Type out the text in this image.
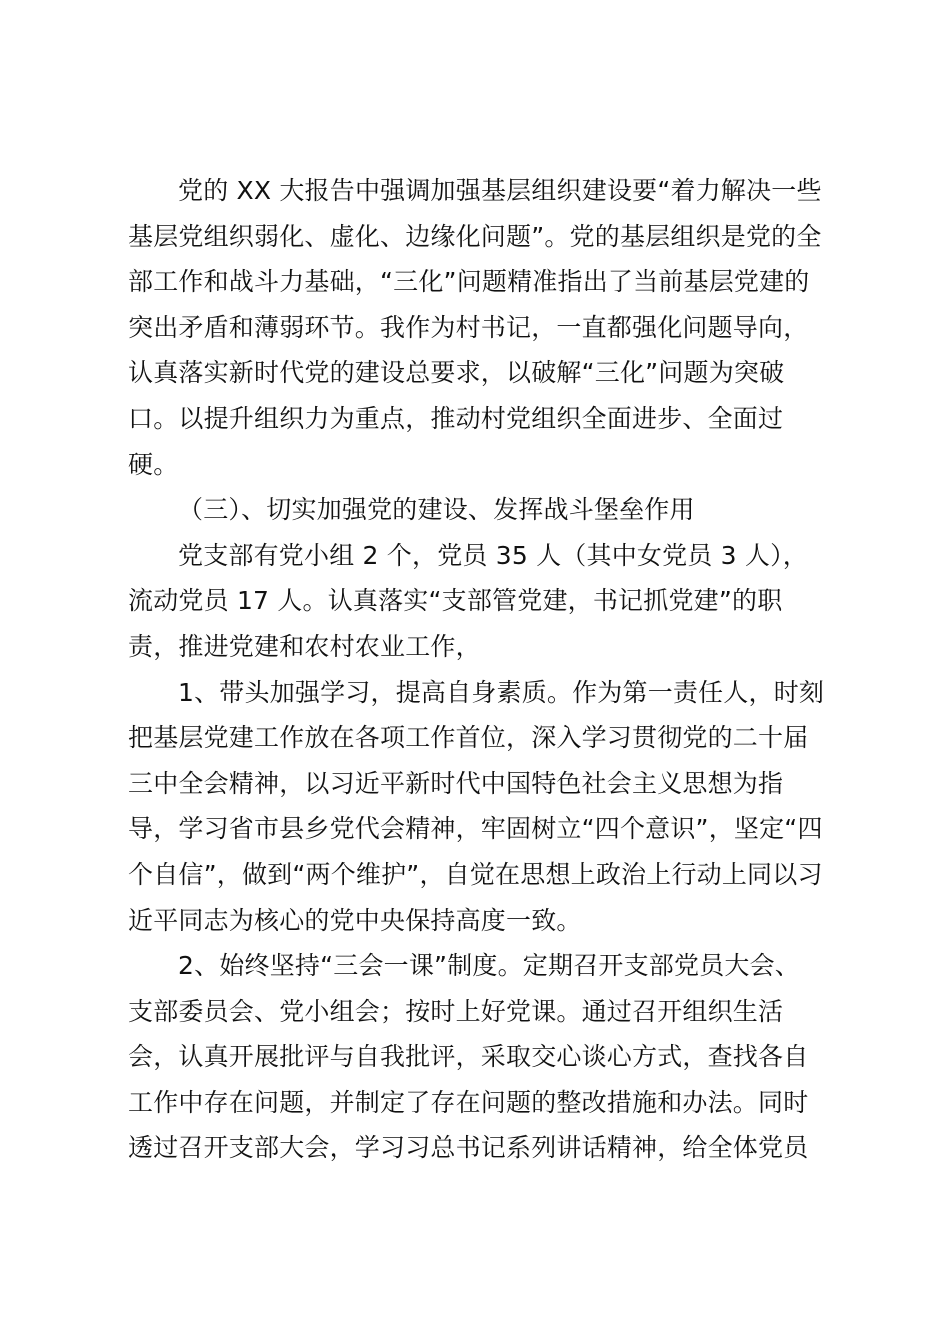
党的 XX 大报告中强调加强基层组织建设要“着力解决一些
基层党组织弱化、虚化、边缘化问题”。党的基层组织是党的全
部工作和战斗力基础，“三化”问题精准指出了当前基层党建的
突出矛盾和薄弱环节。我作为村书记，一直都强化问题导向，
认真落实新时代党的建设总要求，以破解“三化”问题为突破
口。以提升组织力为重点，推动村党组织全面进步、全面过
硬。
（三）、切实加强党的建设、发挥战斗堡垒作用
党支部有党小组 2 个，党员 35 人（其中女党员 3 人），
流动党员 17 人。认真落实“支部管党建，书记抓党建”的职
责，推进党建和农村农业工作，
1、带头加强学习，提高自身素质。作为第一责任人，时刻
把基层党建工作放在各项工作首位，深入学习贯彻党的二十届
三中全会精神，以习近平新时代中国特色社会主义思想为指
导，学习省市县乡党代会精神，牢固树立“四个意识”，坚定“四
个自信”，做到“两个维护”，自觉在思想上政治上行动上同以习
近平同志为核心的党中央保持高度一致。
2、始终坚持“三会一课”制度。定期召开支部党员大会、
支部委员会、党小组会；按时上好党课。通过召开组织生活
会，认真开展批评与自我批评，采取交心谈心方式，查找各自
工作中存在问题，并制定了存在问题的整改措施和办法。同时
透过召开支部大会，学习习总书记系列讲话精神，给全体党员
